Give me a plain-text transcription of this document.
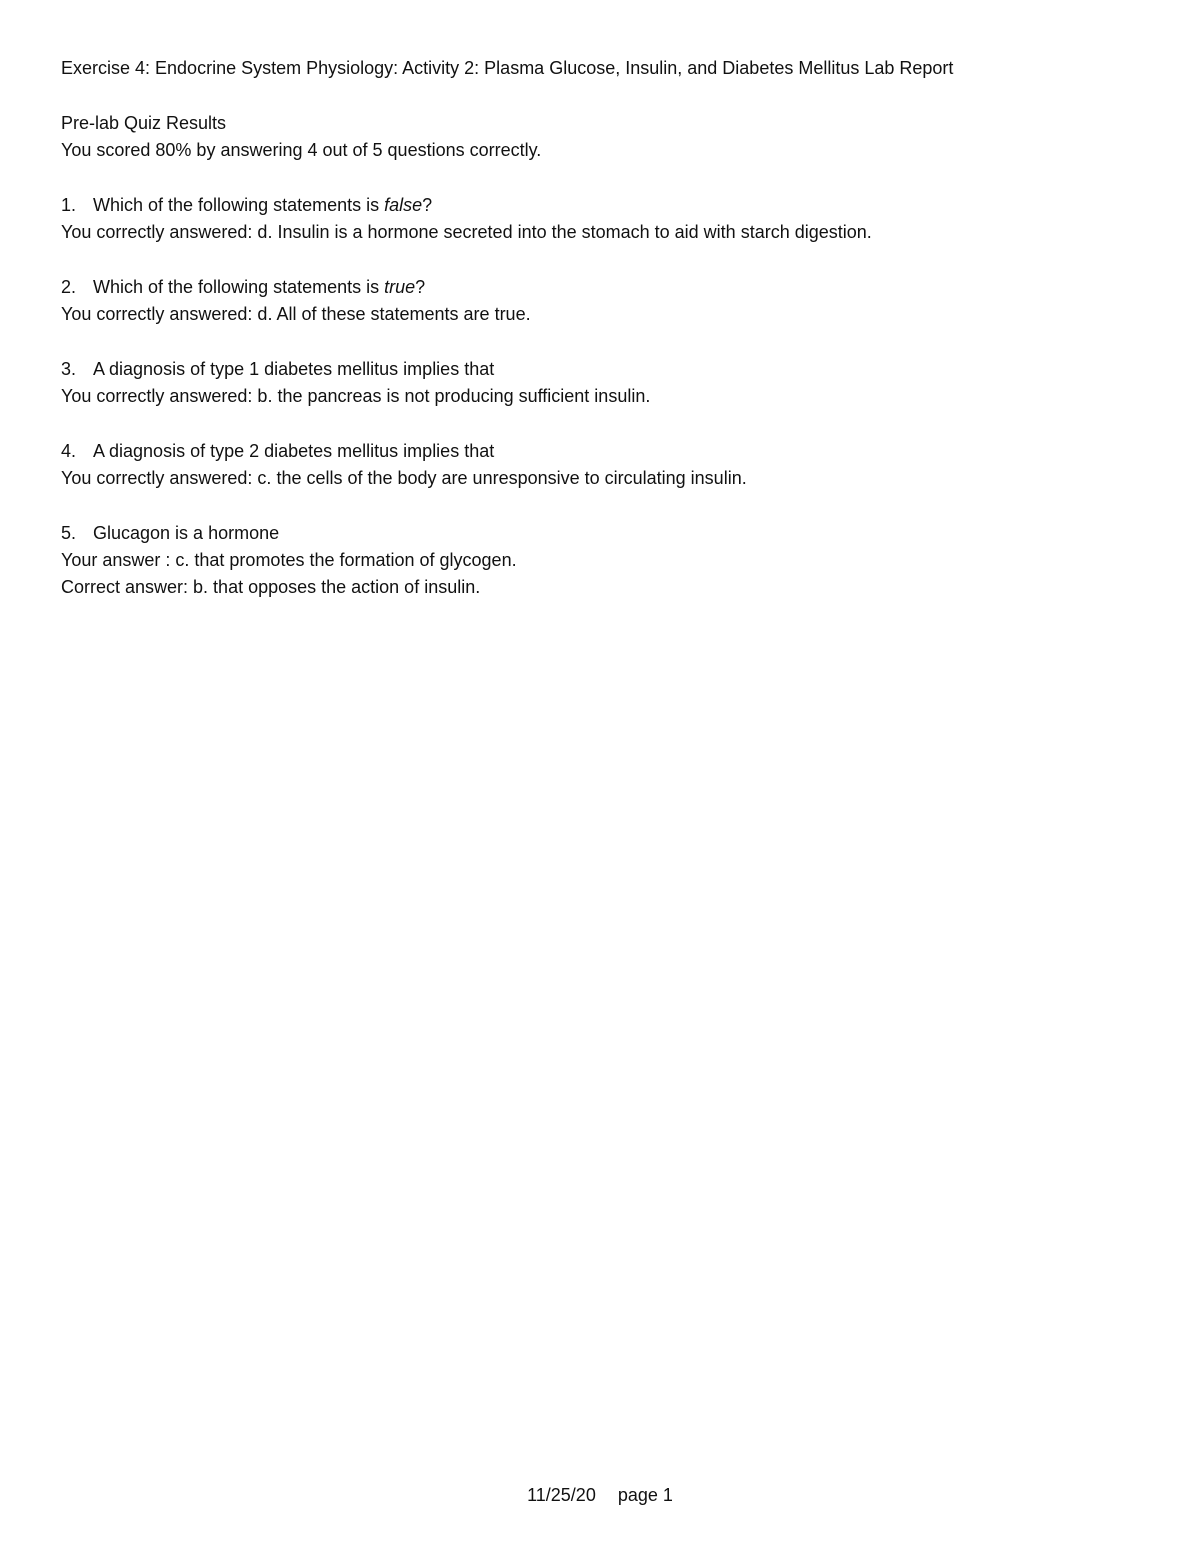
Exercise 4: Endocrine System Physiology: Activity 2: Plasma Glucose, Insulin, and Diabetes Mellitus Lab Report
Pre-lab Quiz Results
You scored 80% by answering 4 out of 5 questions correctly.
1. Which of the following statements is false?
You correctly answered: d. Insulin is a hormone secreted into the stomach to aid with starch digestion.
2. Which of the following statements is true?
You correctly answered: d. All of these statements are true.
3. A diagnosis of type 1 diabetes mellitus implies that
You correctly answered: b. the pancreas is not producing sufficient insulin.
4. A diagnosis of type 2 diabetes mellitus implies that
You correctly answered: c. the cells of the body are unresponsive to circulating insulin.
5. Glucagon is a hormone
Your answer : c. that promotes the formation of glycogen.
Correct answer: b. that opposes the action of insulin.
11/25/20 page 1
